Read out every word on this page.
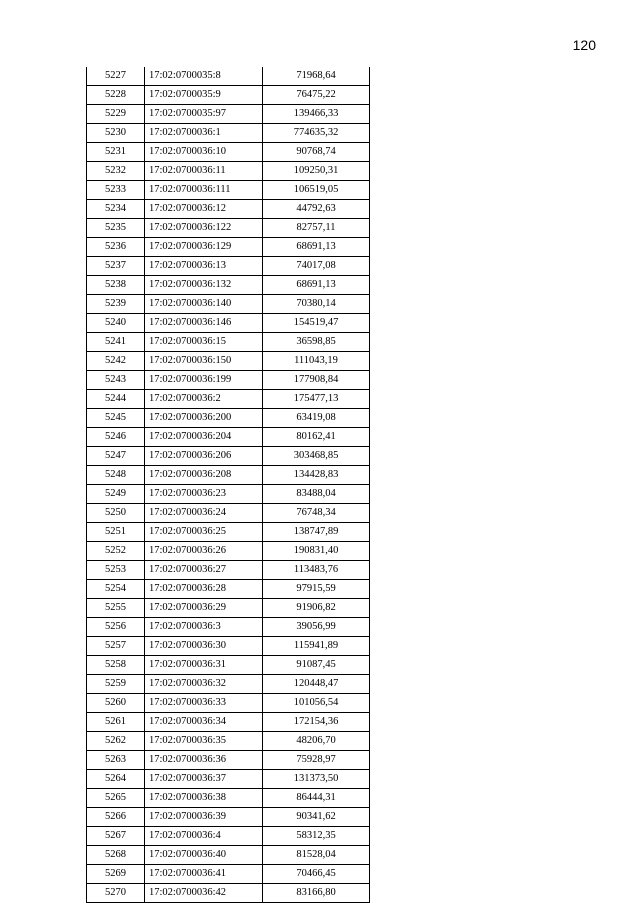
120
5227	17:02:0700035:8	71968,64
5228	17:02:0700035:9	76475,22
5229	17:02:0700035:97	139466,33
5230	17:02:0700036:1	774635,32
5231	17:02:0700036:10	90768,74
5232	17:02:0700036:11	109250,31
5233	17:02:0700036:111	106519,05
5234	17:02:0700036:12	44792,63
5235	17:02:0700036:122	82757,11
5236	17:02:0700036:129	68691,13
5237	17:02:0700036:13	74017,08
5238	17:02:0700036:132	68691,13
5239	17:02:0700036:140	70380,14
5240	17:02:0700036:146	154519,47
5241	17:02:0700036:15	36598,85
5242	17:02:0700036:150	111043,19
5243	17:02:0700036:199	177908,84
5244	17:02:0700036:2	175477,13
5245	17:02:0700036:200	63419,08
5246	17:02:0700036:204	80162,41
5247	17:02:0700036:206	303468,85
5248	17:02:0700036:208	134428,83
5249	17:02:0700036:23	83488,04
5250	17:02:0700036:24	76748,34
5251	17:02:0700036:25	138747,89
5252	17:02:0700036:26	190831,40
5253	17:02:0700036:27	113483,76
5254	17:02:0700036:28	97915,59
5255	17:02:0700036:29	91906,82
5256	17:02:0700036:3	39056,99
5257	17:02:0700036:30	115941,89
5258	17:02:0700036:31	91087,45
5259	17:02:0700036:32	120448,47
5260	17:02:0700036:33	101056,54
5261	17:02:0700036:34	172154,36
5262	17:02:0700036:35	48206,70
5263	17:02:0700036:36	75928,97
5264	17:02:0700036:37	131373,50
5265	17:02:0700036:38	86444,31
5266	17:02:0700036:39	90341,62
5267	17:02:0700036:4	58312,35
5268	17:02:0700036:40	81528,04
5269	17:02:0700036:41	70466,45
5270	17:02:0700036:42	83166,80
